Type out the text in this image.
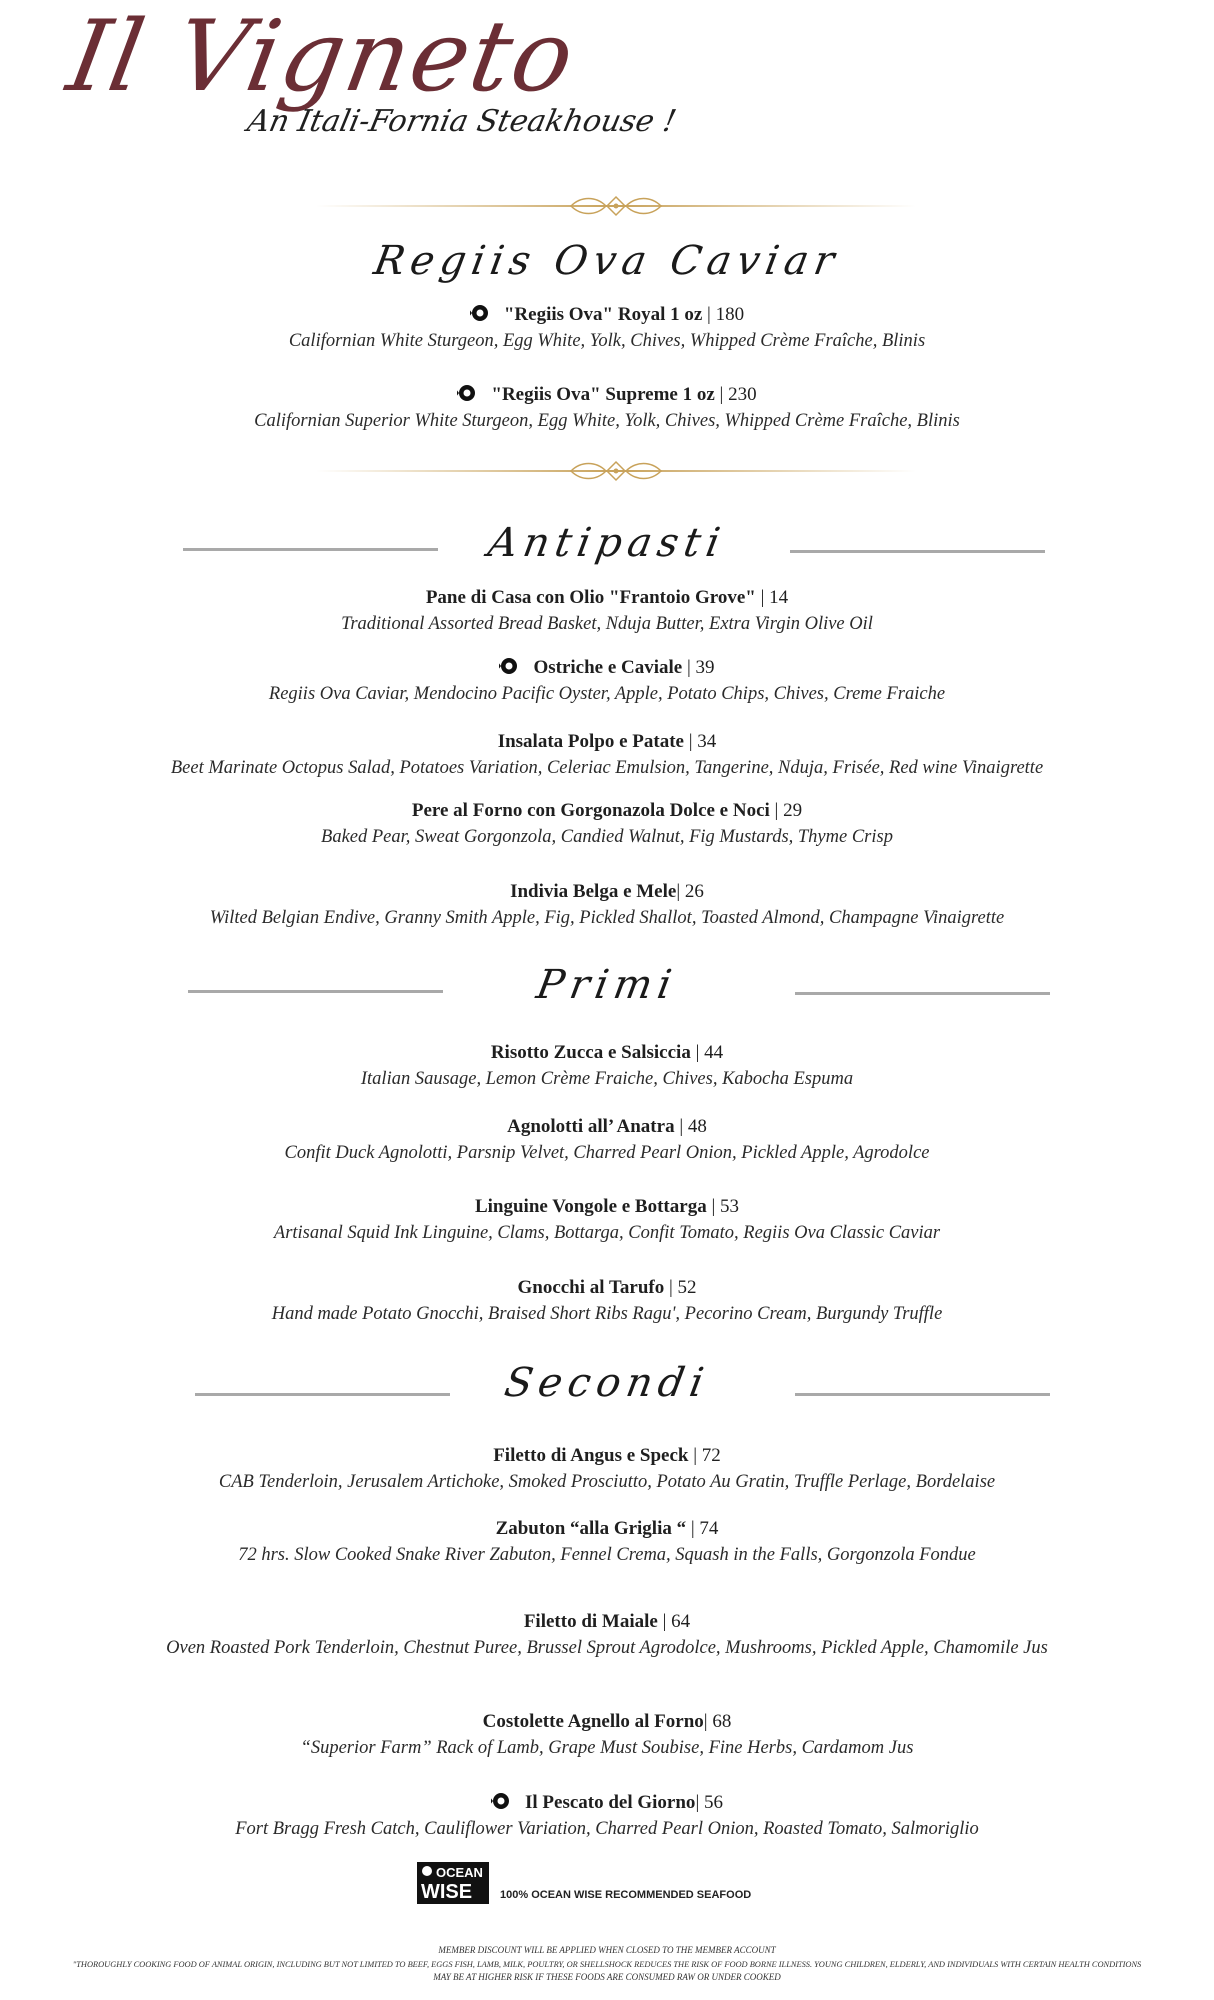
Il Vigneto
An Itali-Fornia Steakhouse !
Regiis Ova Caviar
"Regiis Ova" Royal 1 oz | 180
Californian White Sturgeon, Egg White, Yolk, Chives, Whipped Crème Fraîche, Blinis
"Regiis Ova" Supreme 1 oz | 230
Californian Superior White Sturgeon, Egg White, Yolk, Chives, Whipped Crème Fraîche, Blinis
Antipasti
Pane di Casa con Olio "Frantoio Grove" | 14
Traditional Assorted Bread Basket, Nduja Butter, Extra Virgin Olive Oil
Ostriche e Caviale | 39
Regiis Ova Caviar, Mendocino Pacific Oyster, Apple, Potato Chips, Chives, Creme Fraiche
Insalata Polpo e Patate | 34
Beet Marinate Octopus Salad, Potatoes Variation, Celeriac Emulsion, Tangerine, Nduja, Frisée, Red wine Vinaigrette
Pere al Forno con Gorgonazola Dolce e Noci | 29
Baked Pear, Sweat Gorgonzola, Candied Walnut, Fig Mustards, Thyme Crisp
Indivia Belga e Mele| 26
Wilted Belgian Endive, Granny Smith Apple, Fig, Pickled Shallot, Toasted Almond, Champagne Vinaigrette
Primi
Risotto Zucca e Salsiccia | 44
Italian Sausage, Lemon Crème Fraiche, Chives, Kabocha Espuma
Agnolotti all’ Anatra | 48
Confit Duck Agnolotti, Parsnip Velvet, Charred Pearl Onion, Pickled Apple, Agrodolce
Linguine Vongole e Bottarga | 53
Artisanal Squid Ink Linguine, Clams, Bottarga, Confit Tomato, Regiis Ova Classic Caviar
Gnocchi al Tarufo | 52
Hand made Potato Gnocchi, Braised Short Ribs Ragu', Pecorino Cream, Burgundy Truffle
Secondi
Filetto di Angus e Speck | 72
CAB Tenderloin, Jerusalem Artichoke, Smoked Prosciutto, Potato Au Gratin, Truffle Perlage, Bordelaise
Zabuton “alla Griglia “ | 74
72 hrs. Slow Cooked Snake River Zabuton, Fennel Crema, Squash in the Falls, Gorgonzola Fondue
Filetto di Maiale | 64
Oven Roasted Pork Tenderloin, Chestnut Puree, Brussel Sprout Agrodolce, Mushrooms, Pickled Apple, Chamomile Jus
Costolette Agnello al Forno| 68
“Superior Farm” Rack of Lamb, Grape Must Soubise, Fine Herbs, Cardamom Jus
Il Pescato del Giorno| 56
Fort Bragg Fresh Catch, Cauliflower Variation, Charred Pearl Onion, Roasted Tomato, Salmoriglio
OCEAN
WISE	100% OCEAN WISE RECOMMENDED SEAFOOD
MEMBER DISCOUNT WILL BE APPLIED WHEN CLOSED TO THE MEMBER ACCOUNT
"THOROUGHLY COOKING FOOD OF ANIMAL ORIGIN, INCLUDING BUT NOT LIMITED TO BEEF, EGGS FISH, LAMB, MILK, POULTRY, OR SHELLSHOCK REDUCES THE RISK OF FOOD BORNE ILLNESS. YOUNG CHILDREN, ELDERLY, AND INDIVIDUALS WITH CERTAIN HEALTH CONDITIONS
MAY BE AT HIGHER RISK IF THESE FOODS ARE CONSUMED RAW OR UNDER COOKED
